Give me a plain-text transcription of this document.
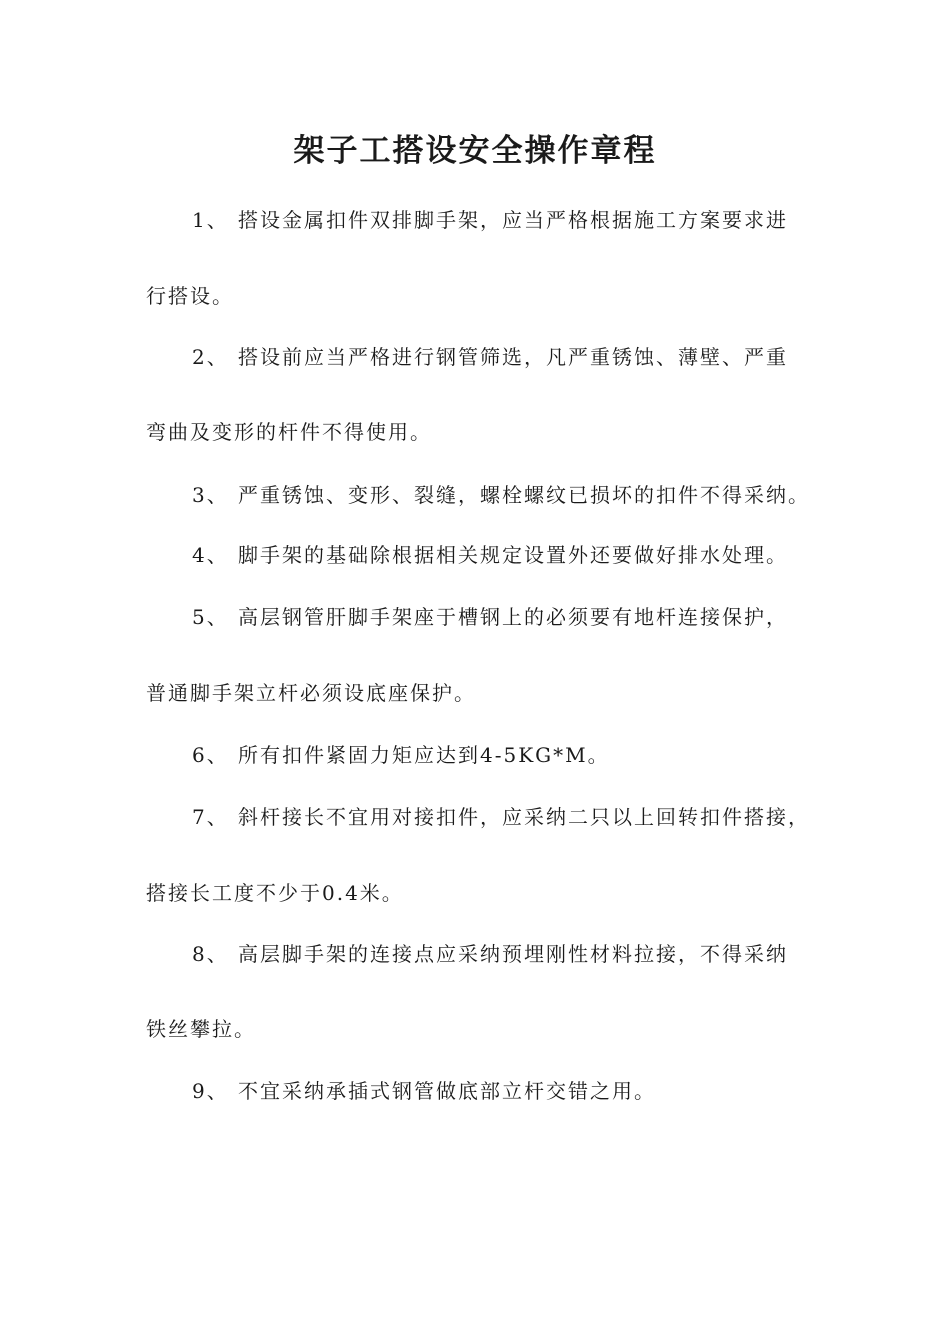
架子工搭设安全操作章程
1、 搭设金属扣件双排脚手架，应当严格根据施工方案要求进
行搭设。
2、 搭设前应当严格进行钢管筛选，凡严重锈蚀、薄壁、严重
弯曲及变形的杆件不得使用。
3、 严重锈蚀、变形、裂缝，螺栓螺纹已损坏的扣件不得采纳。
4、 脚手架的基础除根据相关规定设置外还要做好排水处理。
5、 高层钢管肝脚手架座于槽钢上的必须要有地杆连接保护，
普通脚手架立杆必须设底座保护。
6、 所有扣件紧固力矩应达到4-5KG*M。
7、 斜杆接长不宜用对接扣件，应采纳二只以上回转扣件搭接，
搭接长工度不少于0.4米。
8、 高层脚手架的连接点应采纳预埋刚性材料拉接，不得采纳
铁丝攀拉。
9、 不宜采纳承插式钢管做底部立杆交错之用。
